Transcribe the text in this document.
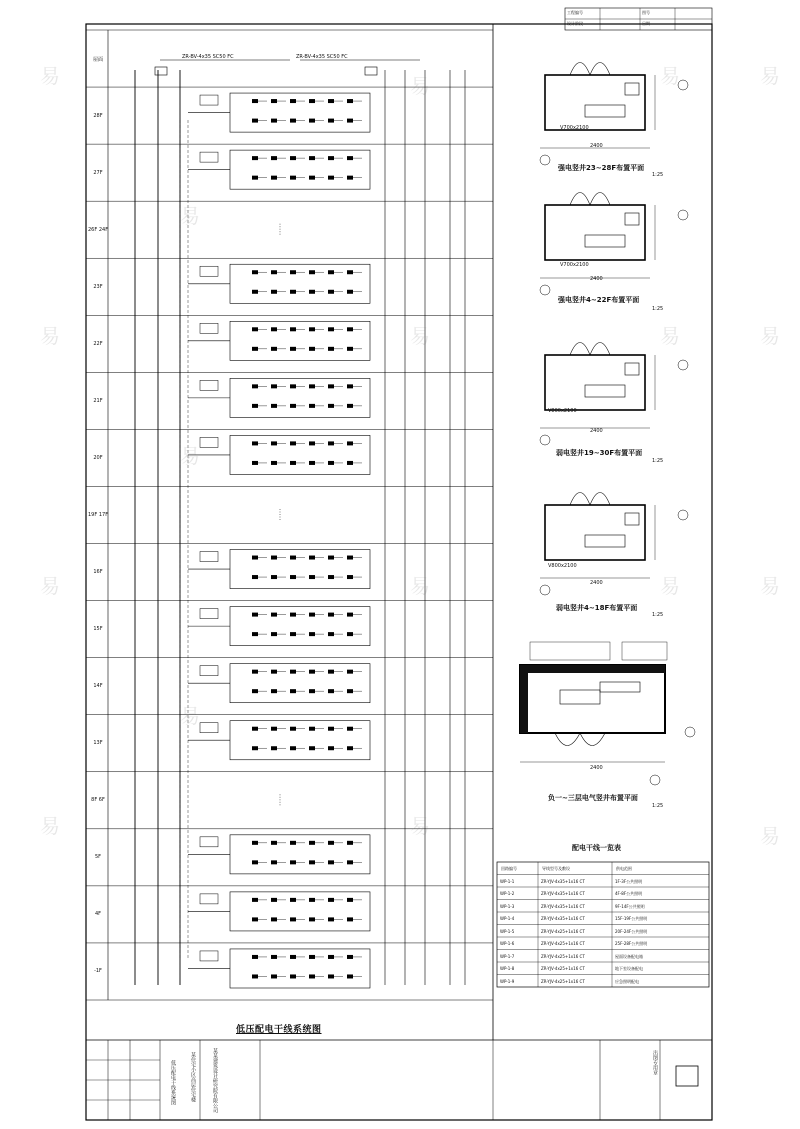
工程编号	图号
设计阶段	日期
ZR-BV-4x35 SC50 FC	ZR-BV-4x35 SC50 FC
屋面
28F
27F
26F 24F
23F
22F
21F
20F
19F 17F
16F
15F
14F
13F
8F 6F
5F
4F
-1F
低压配电干线系统图
强电竖井23~28F布置平面
1:25
强电竖井4~22F布置平面
1:25
弱电竖井19~30F布置平面
1:25
弱电竖井4~18F布置平面
1:25
负一~三层电气竖井布置平面
1:25
2400
2400
2400
2400
2400
V700x2100
V700x2100
V800x2100
V800x2100
配电干线一览表
回路编号	导线型号及敷设	供电范围
WP-1-1	ZR-YJV-4x35+1x16 CT	1F-3F公共照明
WP-1-2	ZR-YJV-4x35+1x16 CT	4F-8F公共照明
WP-1-3	ZR-YJV-4x35+1x16 CT	9F-14F公共照明
WP-1-4	ZR-YJV-4x35+1x16 CT	15F-19F公共照明
WP-1-5	ZR-YJV-4x25+1x16 CT	20F-24F公共照明
WP-1-6	ZR-YJV-4x25+1x16 CT	25F-28F公共照明
WP-1-7	ZR-YJV-4x25+1x16 CT	屋面设备配电箱
WP-1-8	ZR-YJV-4x25+1x16 CT	地下室设备配电
WP-1-9	ZR-YJV-4x25+1x16 CT	应急照明配电
某某建筑设计研究院有限公司
某住宅小区高层住宅楼
低压配电干线系统图	出图专用章
易
易
易
易
易
易
易
易
易
易
易
易
易
易
易
易
易
易
